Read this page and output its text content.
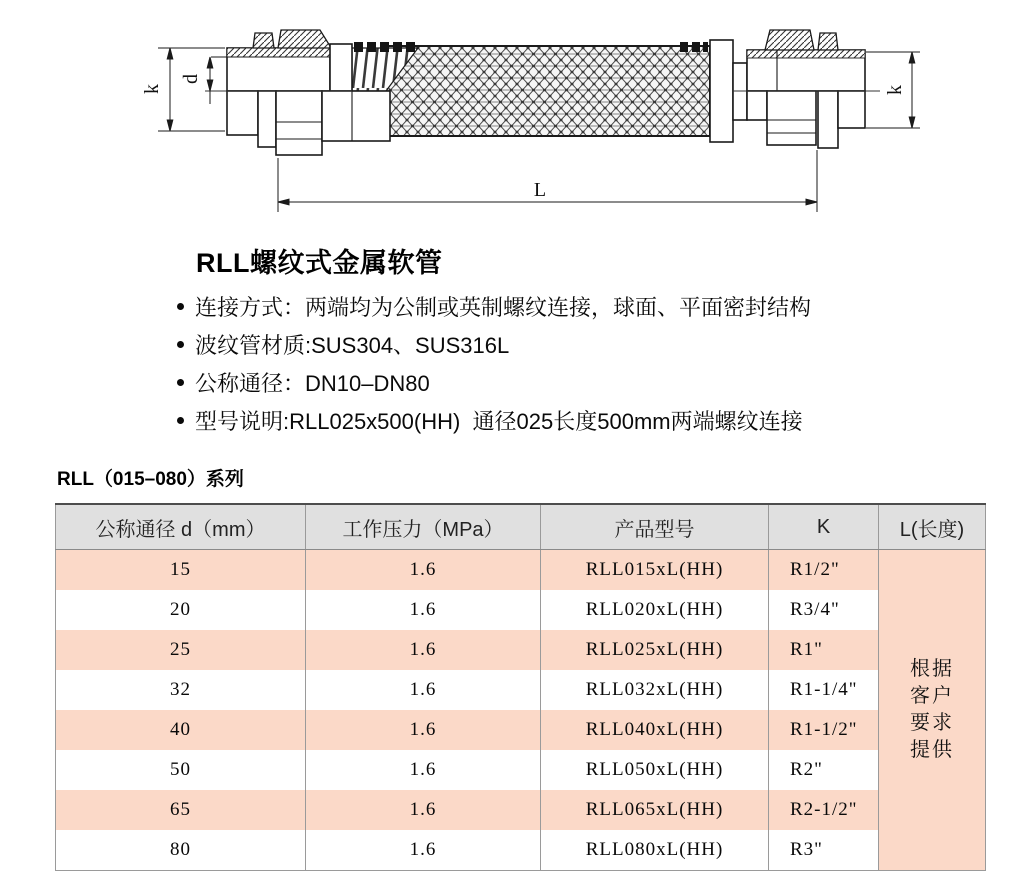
k
d
k
L
RLL螺纹式金属软管
连接方式：两端均为公制或英制螺纹连接，球面、平面密封结构
波纹管材质:SUS304、SUS316L
公称通径：DN10–DN80
型号说明:RLL025x500(HH)  通径025长度500mm两端螺纹连接
RLL（015–080）系列
公称通径 d（mm）	工作压力（MPa）	产品型号	K	L(长度)
15	1.6	RLL015xL(HH)	R1/2"	根据
客户
要求
提供

20	1.6	RLL020xL(HH)	R3/4"	
25	1.6	RLL025xL(HH)	R1"	
32	1.6	RLL032xL(HH)	R1-1/4"	
40	1.6	RLL040xL(HH)	R1-1/2"	
50	1.6	RLL050xL(HH)	R2"	
65	1.6	RLL065xL(HH)	R2-1/2"	
80	1.6	RLL080xL(HH)	R3"	
